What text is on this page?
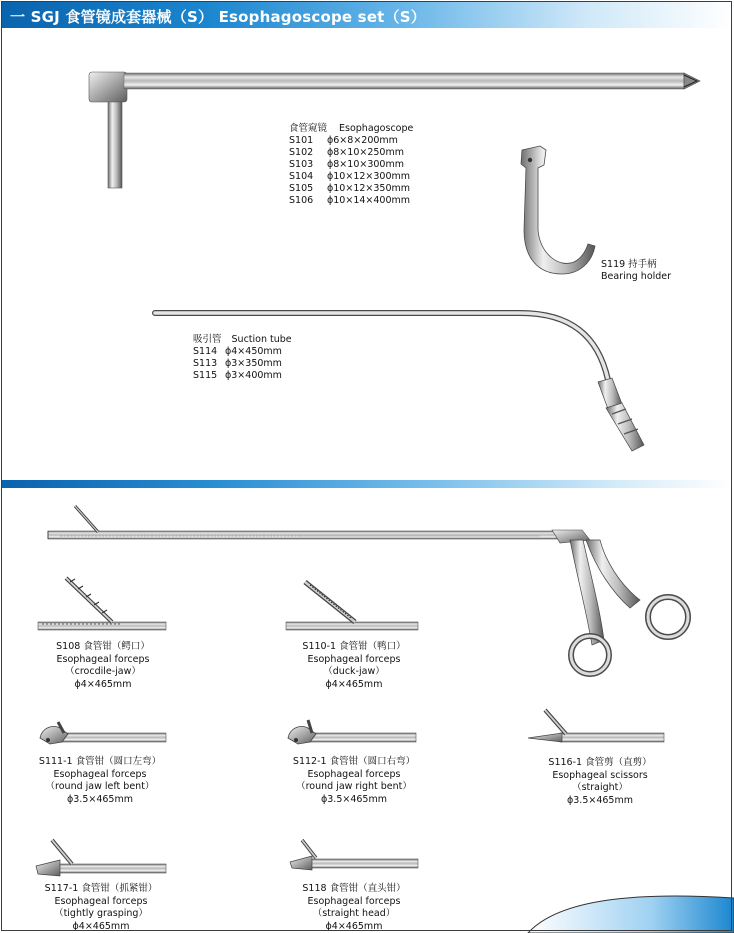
一 SGJ 食管镜成套器械（S） Esophagoscope set（S）
食管窥镜 Esophagoscope
S101	ϕ6×8×200mm
S102	ϕ8×10×250mm
S103	ϕ8×10×300mm
S104	ϕ10×12×300mm
S105	ϕ10×12×350mm
S106	ϕ10×14×400mm
S119 持手柄
Bearing holder
吸引管 Suction tube
S114 ϕ4×450mm
S113 ϕ3×350mm
S115 ϕ3×400mm
S108 食管钳（鳄口）
Esophageal forceps
（crocdile-jaw）
ϕ4×465mm
S110-1 食管钳（鸭口）
Esophageal forceps
（duck-jaw）
ϕ4×465mm
S111-1 食管钳（圆口左弯）
Esophageal forceps
（round jaw left bent）
ϕ3.5×465mm
S112-1 食管钳（圆口右弯）
Esophageal forceps
（round jaw right bent）
ϕ3.5×465mm
S116-1 食管剪（直剪）
Esophageal scissors
（straight）
ϕ3.5×465mm
S117-1 食管钳（抓紧钳）
Esophageal forceps
（tightly grasping）
ϕ4×465mm
S118 食管钳（直头钳）
Esophageal forceps
（straight head）
ϕ4×465mm
